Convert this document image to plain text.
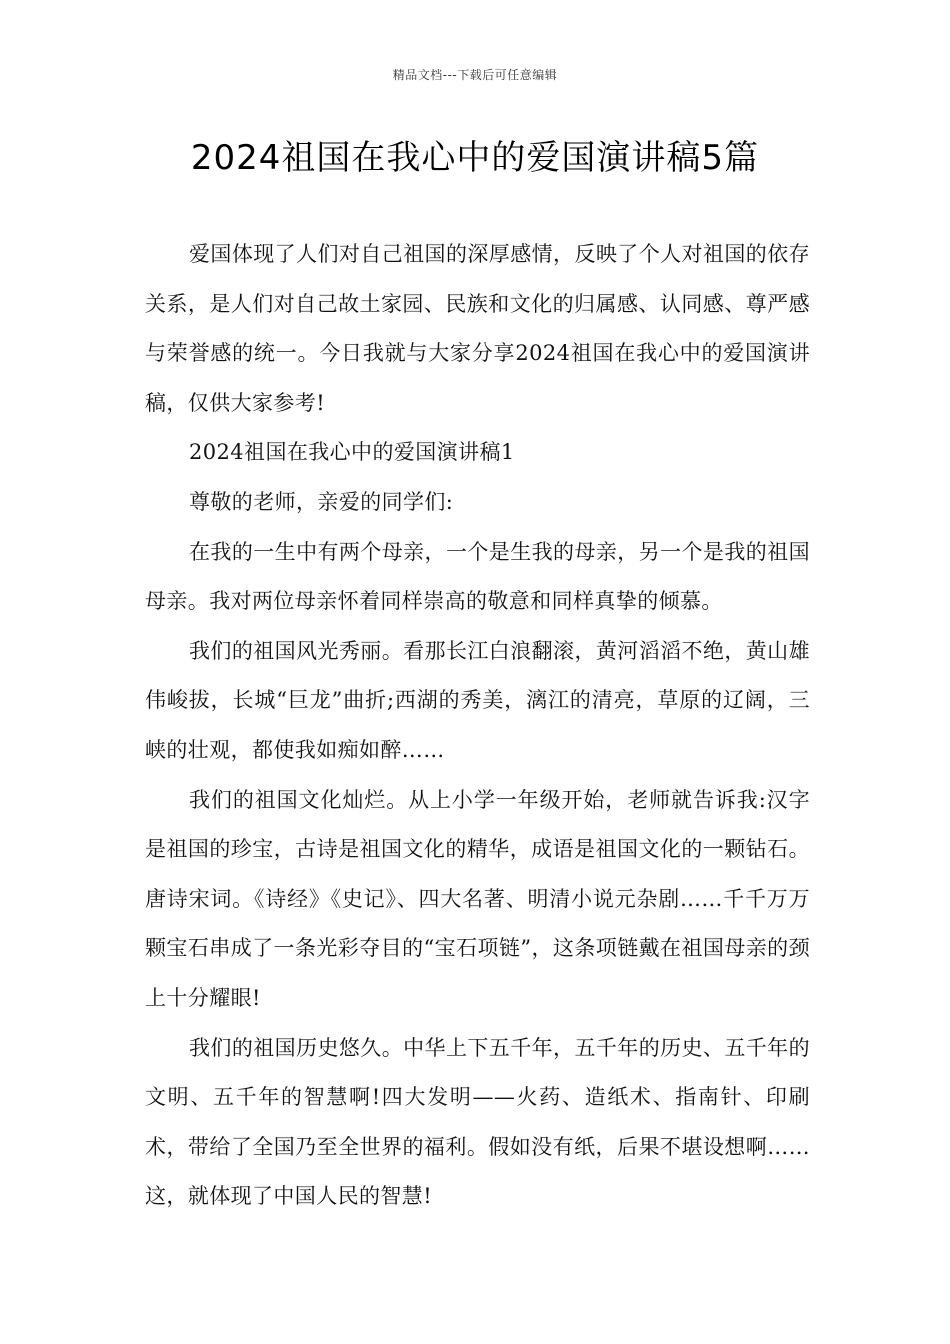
精品文档---下载后可任意编辑
2024祖国在我心中的爱国演讲稿5篇

爱国体现了人们对自己祖国的深厚感情，反映了个人对祖国的依存关系，是人们对自己故土家园、民族和文化的归属感、认同感、尊严感与荣誉感的统一。今日我就与大家分享2024祖国在我心中的爱国演讲稿，仅供大家参考!

2024祖国在我心中的爱国演讲稿1

尊敬的老师，亲爱的同学们:

在我的一生中有两个母亲，一个是生我的母亲，另一个是我的祖国母亲。我对两位母亲怀着同样崇高的敬意和同样真挚的倾慕。

我们的祖国风光秀丽。看那长江白浪翻滚，黄河滔滔不绝，黄山雄伟峻拔，长城“巨龙”曲折;西湖的秀美，漓江的清亮，草原的辽阔，三峡的壮观，都使我如痴如醉……

我们的祖国文化灿烂。从上小学一年级开始，老师就告诉我:汉字是祖国的珍宝，古诗是祖国文化的精华，成语是祖国文化的一颗钻石。唐诗宋词。《诗经》《史记》、四大名著、明清小说元杂剧……千千万万颗宝石串成了一条光彩夺目的“宝石项链”，这条项链戴在祖国母亲的颈上十分耀眼!

我们的祖国历史悠久。中华上下五千年，五千年的历史、五千年的文明、五千年的智慧啊!四大发明——火药、造纸术、指南针、印刷术，带给了全国乃至全世界的福利。假如没有纸，后果不堪设想啊……这，就体现了中国人民的智慧!
